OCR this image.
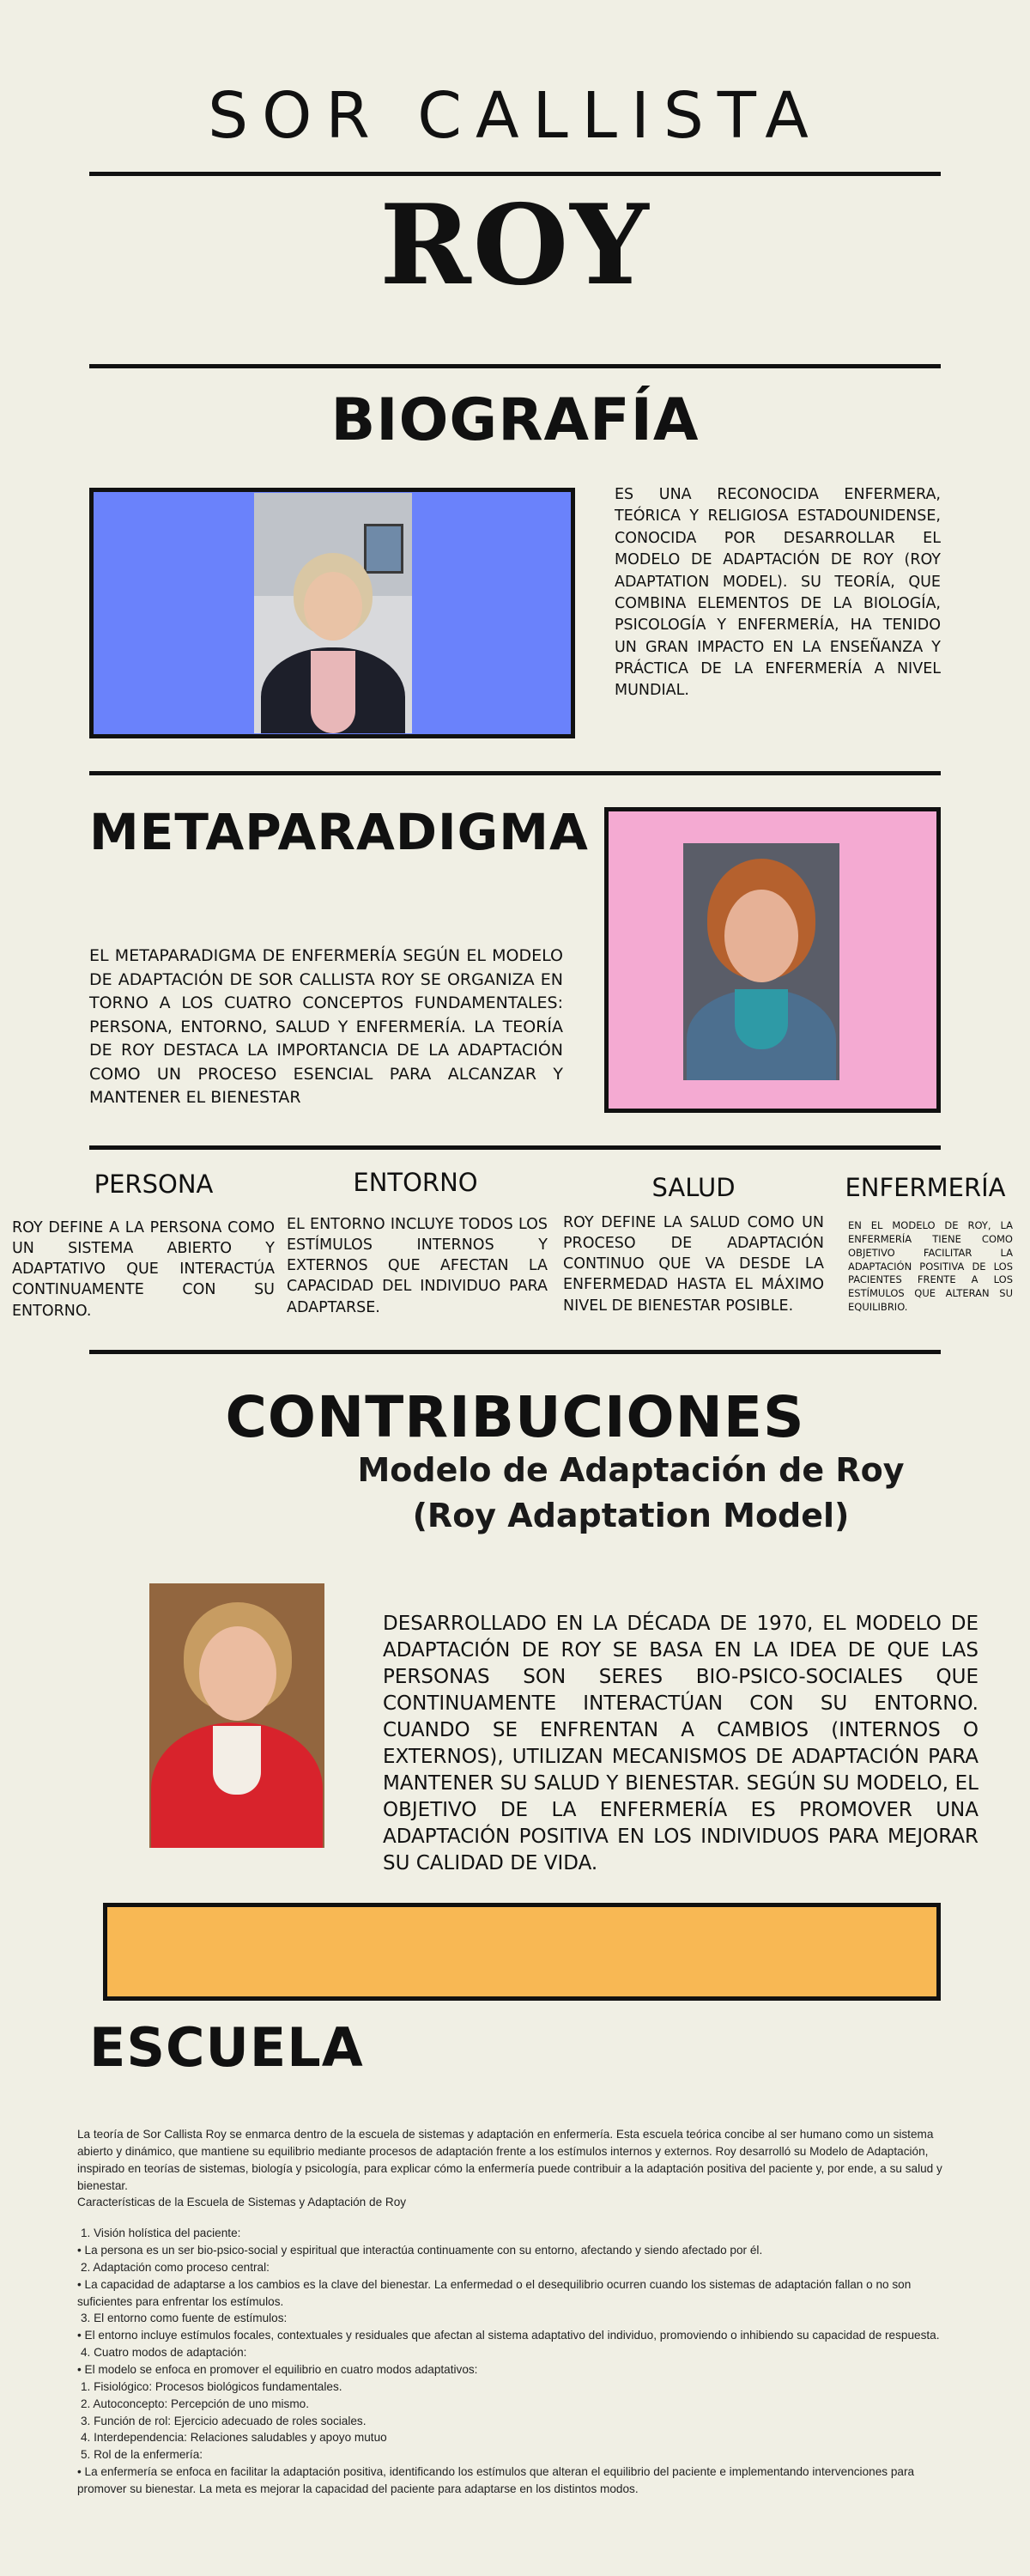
SOR CALLISTA
ROY
BIOGRAFÍA
ES UNA RECONOCIDA ENFERMERA, TEÓRICA Y RELIGIOSA ESTADOUNIDENSE, CONOCIDA POR DESARROLLAR EL MODELO DE ADAPTACIÓN DE ROY (ROY ADAPTATION MODEL). SU TEORÍA, QUE COMBINA ELEMENTOS DE LA BIOLOGÍA, PSICOLOGÍA Y ENFERMERÍA, HA TENIDO UN GRAN IMPACTO EN LA ENSEÑANZA Y PRÁCTICA DE LA ENFERMERÍA A NIVEL MUNDIAL.
METAPARADIGMA
EL METAPARADIGMA DE ENFERMERÍA SEGÚN EL MODELO DE ADAPTACIÓN DE SOR CALLISTA ROY SE ORGANIZA EN TORNO A LOS CUATRO CONCEPTOS FUNDAMENTALES: PERSONA, ENTORNO, SALUD Y ENFERMERÍA. LA TEORÍA DE ROY DESTACA LA IMPORTANCIA DE LA ADAPTACIÓN COMO UN PROCESO ESENCIAL PARA ALCANZAR Y MANTENER EL BIENESTAR
PERSONA
ROY DEFINE A LA PERSONA COMO UN SISTEMA ABIERTO Y ADAPTATIVO QUE INTERACTÚA CONTINUAMENTE CON SU ENTORNO.
ENTORNO
EL ENTORNO INCLUYE TODOS LOS ESTÍMULOS INTERNOS Y EXTERNOS QUE AFECTAN LA CAPACIDAD DEL INDIVIDUO PARA ADAPTARSE.
SALUD
ROY DEFINE LA SALUD COMO UN PROCESO DE ADAPTACIÓN CONTINUO QUE VA DESDE LA ENFERMEDAD HASTA EL MÁXIMO NIVEL DE BIENESTAR POSIBLE.
ENFERMERÍA
EN EL MODELO DE ROY, LA ENFERMERÍA TIENE COMO OBJETIVO FACILITAR LA ADAPTACIÓN POSITIVA DE LOS PACIENTES FRENTE A LOS ESTÍMULOS QUE ALTERAN SU EQUILIBRIO.
CONTRIBUCIONES
Modelo de Adaptación de Roy (Roy Adaptation Model)
DESARROLLADO EN LA DÉCADA DE 1970, EL MODELO DE ADAPTACIÓN DE ROY SE BASA EN LA IDEA DE QUE LAS PERSONAS SON SERES BIO-PSICO-SOCIALES QUE CONTINUAMENTE INTERACTÚAN CON SU ENTORNO. CUANDO SE ENFRENTAN A CAMBIOS (INTERNOS O EXTERNOS), UTILIZAN MECANISMOS DE ADAPTACIÓN PARA MANTENER SU SALUD Y BIENESTAR. SEGÚN SU MODELO, EL OBJETIVO DE LA ENFERMERÍA ES PROMOVER UNA ADAPTACIÓN POSITIVA EN LOS INDIVIDUOS PARA MEJORAR SU CALIDAD DE VIDA.
ESCUELA

La teoría de Sor Callista Roy se enmarca dentro de la escuela de sistemas y adaptación en enfermería. Esta escuela teórica concibe al ser humano como un sistema abierto y dinámico, que mantiene su equilibrio mediante procesos de adaptación frente a los estímulos internos y externos. Roy desarrolló su Modelo de Adaptación, inspirado en teorías de sistemas, biología y psicología, para explicar cómo la enfermería puede contribuir a la adaptación positiva del paciente y, por ende, a su salud y bienestar.

Características de la Escuela de Sistemas y Adaptación de Roy

1. Visión holística del paciente:

• La persona es un ser bio-psico-social y espiritual que interactúa continuamente con su entorno, afectando y siendo afectado por él.

2. Adaptación como proceso central:

• La capacidad de adaptarse a los cambios es la clave del bienestar. La enfermedad o el desequilibrio ocurren cuando los sistemas de adaptación fallan o no son suficientes para enfrentar los estímulos.

3. El entorno como fuente de estímulos:

• El entorno incluye estímulos focales, contextuales y residuales que afectan al sistema adaptativo del individuo, promoviendo o inhibiendo su capacidad de respuesta.

4. Cuatro modos de adaptación:

• El modelo se enfoca en promover el equilibrio en cuatro modos adaptativos:

1. Fisiológico: Procesos biológicos fundamentales.

2. Autoconcepto: Percepción de uno mismo.

3. Función de rol: Ejercicio adecuado de roles sociales.

4. Interdependencia: Relaciones saludables y apoyo mutuo

5. Rol de la enfermería:

• La enfermería se enfoca en facilitar la adaptación positiva, identificando los estímulos que alteran el equilibrio del paciente e implementando intervenciones para promover su bienestar. La meta es mejorar la capacidad del paciente para adaptarse en los distintos modos.
